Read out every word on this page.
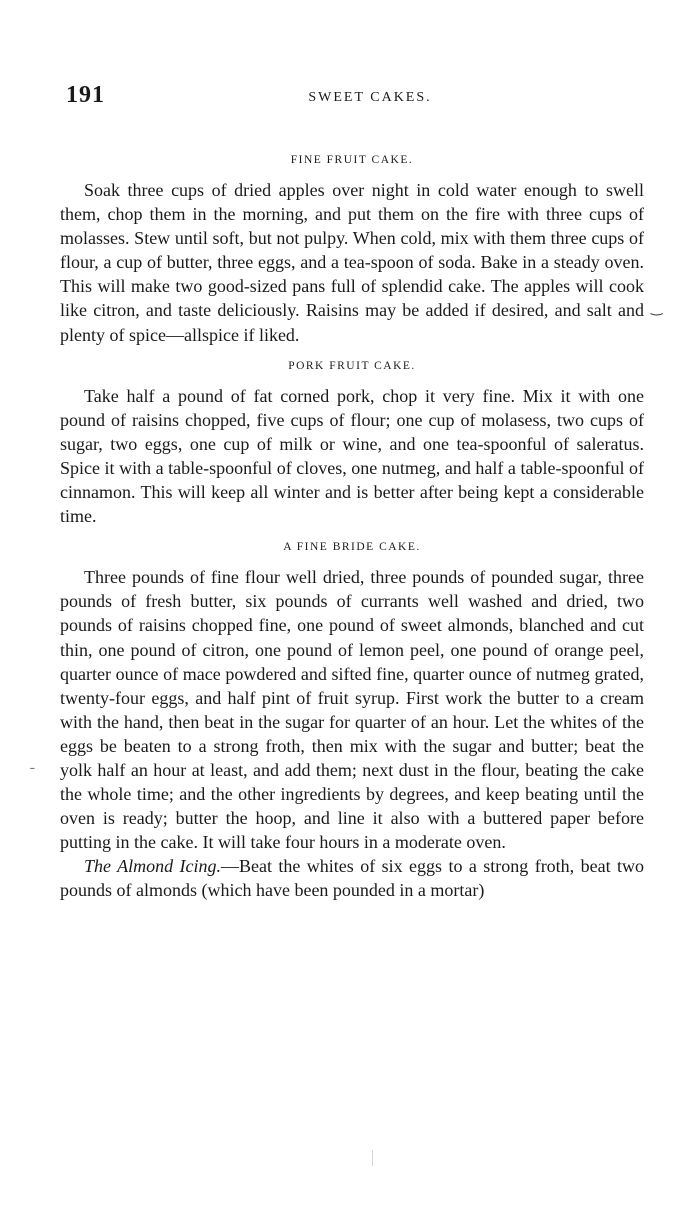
191	SWEET CAKES.
FINE FRUIT CAKE.

Soak three cups of dried apples over night in cold water enough to swell them, chop them in the morning, and put them on the fire with three cups of molasses. Stew until soft, but not pulpy. When cold, mix with them three cups of flour, a cup of butter, three eggs, and a tea-spoon of soda. Bake in a steady oven. This will make two good-sized pans full of splendid cake. The apples will cook like citron, and taste deliciously. Raisins may be added if desired, and salt and plenty of spice—allspice if liked.

PORK FRUIT CAKE.

Take half a pound of fat corned pork, chop it very fine. Mix it with one pound of raisins chopped, five cups of flour; one cup of molasess, two cups of sugar, two eggs, one cup of milk or wine, and one tea-spoonful of saleratus. Spice it with a table-spoonful of cloves, one nutmeg, and half a table-spoonful of cinnamon. This will keep all winter and is better after being kept a considerable time.

A FINE BRIDE CAKE.

Three pounds of fine flour well dried, three pounds of pounded sugar, three pounds of fresh butter, six pounds of currants well washed and dried, two pounds of raisins chopped fine, one pound of sweet almonds, blanched and cut thin, one pound of citron, one pound of lemon peel, one pound of orange peel, quarter ounce of mace powdered and sifted fine, quarter ounce of nutmeg grated, twenty-four eggs, and half pint of fruit syrup. First work the butter to a cream with the hand, then beat in the sugar for quarter of an hour. Let the whites of the eggs be beaten to a strong froth, then mix with the sugar and butter; beat the yolk half an hour at least, and add them; next dust in the flour, beating the cake the whole time; and the other ingredients by degrees, and keep beating until the oven is ready; butter the hoop, and line it also with a buttered paper before putting in the cake. It will take four hours in a moderate oven.

The Almond Icing.—Beat the whites of six eggs to a strong froth, beat two pounds of almonds (which have been pounded in a mortar)

‿
˗
